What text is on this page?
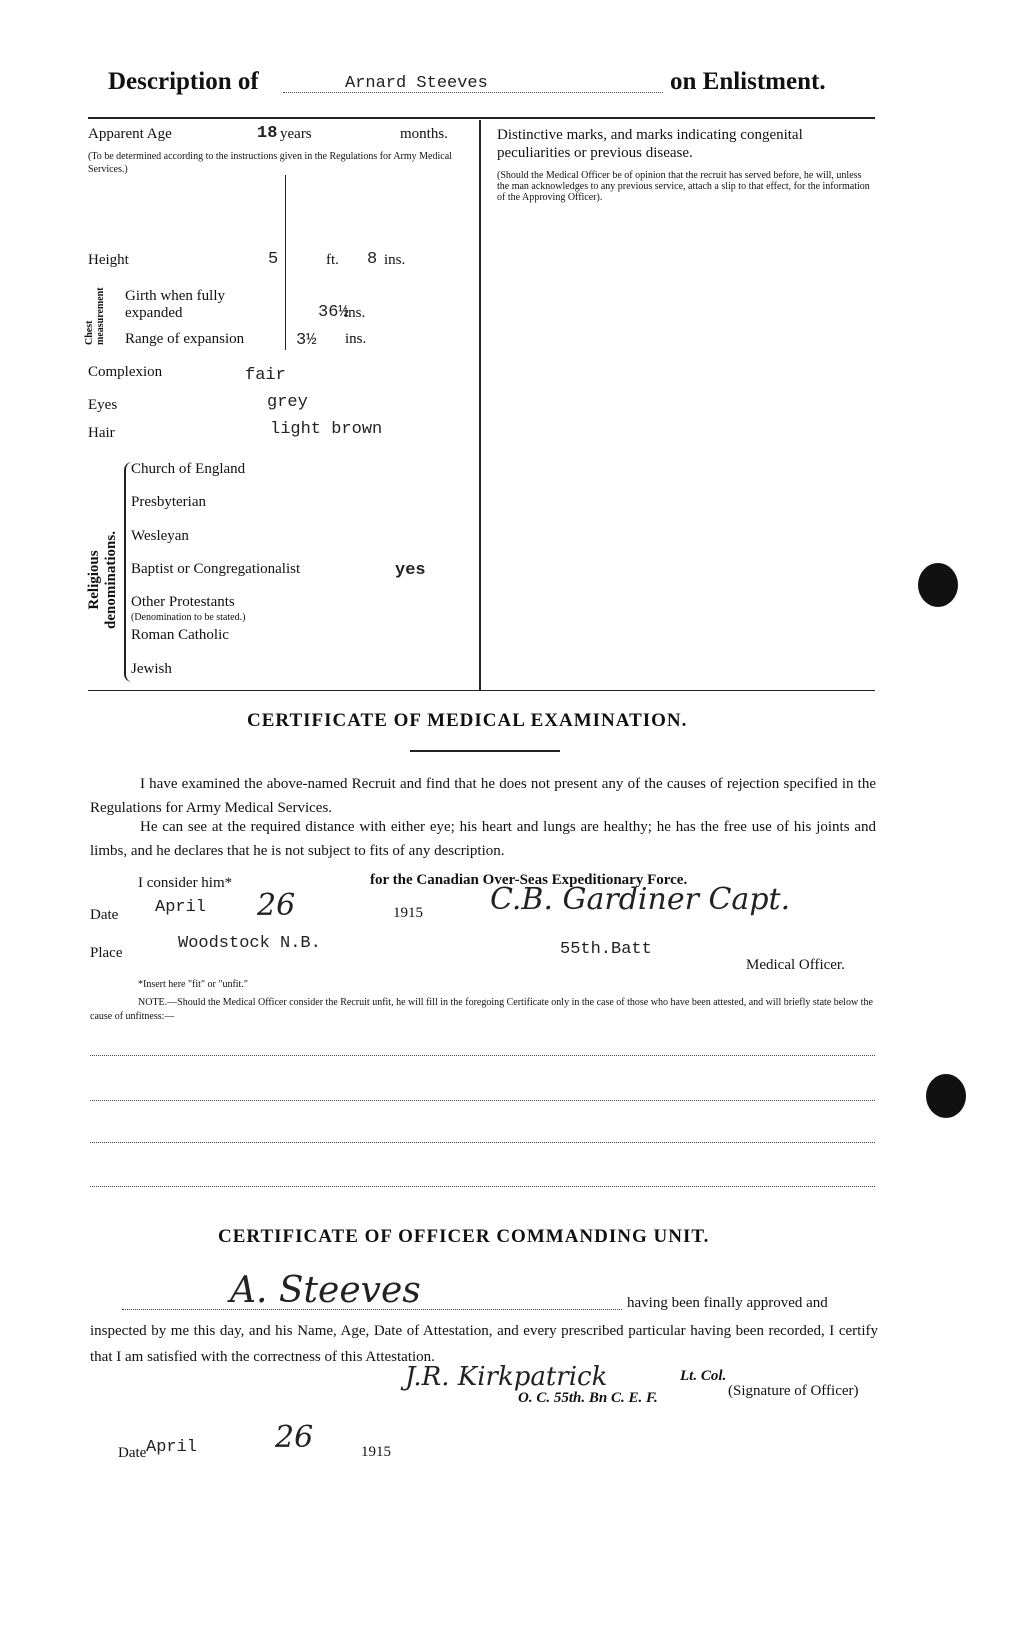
Description of	Arnard Steeves	on Enlistment.
Apparent Age	18 years	months.
(To be determined according to the instructions given in the Regulations for Army Medical Services.)
Height	5	ft. 8 ins.
Chest measurement Girth when fully expanded	36½
ins.
Range of expansion	3½ ins.
Complexion	fair
Eyes	grey
Hair	light brown
Religious denominations.
Church of England
Presbyterian
Wesleyan
Baptist or Congregationalist	yes
Other Protestants
(Denomination to be stated.)
Roman Catholic
Jewish
Distinctive marks, and marks indicating congenital peculiarities or previous disease.
(Should the Medical Officer be of opinion that the recruit has served before, he will, unless the man acknowledges to any previous service, attach a slip to that effect, for the information of the Approving Officer).
CERTIFICATE OF MEDICAL EXAMINATION.
I have examined the above-named Recruit and find that he does not present any of the causes of rejection specified in the Regulations for Army Medical Services.
He can see at the required distance with either eye; his heart and lungs are healthy; he has the free use of his joints and limbs, and he declares that he is not subject to fits of any description.
I consider him*	for the Canadian Over-Seas Expeditionary Force.
Date April 26	1915 C.B. Gardiner Capt.
Place	Woodstock N.B.	55th.Batt
Medical Officer.
*Insert here "fit" or "unfit."
NOTE.—Should the Medical Officer consider the Recruit unfit, he will fill in the foregoing Certificate only in the case of those who have been attested, and will briefly state below the cause of unfitness:—
CERTIFICATE OF OFFICER COMMANDING UNIT.
A. Steeves	having been finally approved and
inspected by me this day, and his Name, Age, Date of Attestation, and every prescribed particular having been recorded, I certify that I am satisfied with the correctness of this Attestation.
J.R. Kirkpatrick	Lt. Col.
O. C. 55th. Bn C. E. F.	(Signature of Officer)
Date April	26	1915
